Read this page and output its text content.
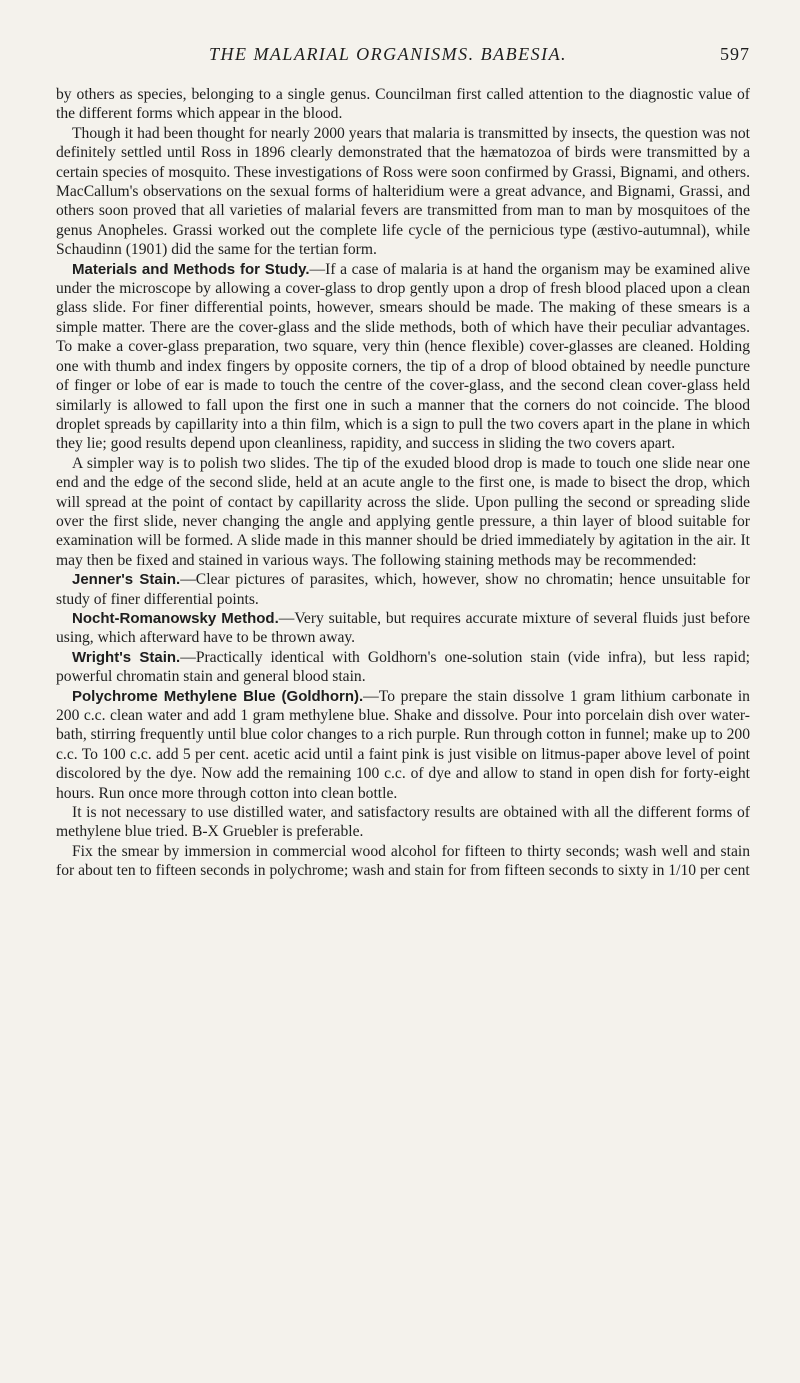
THE MALARIAL ORGANISMS. BABESIA.	597

by others as species, belonging to a single genus. Councilman first called attention to the diagnostic value of the different forms which appear in the blood.

Though it had been thought for nearly 2000 years that malaria is transmitted by insects, the question was not definitely settled until Ross in 1896 clearly demonstrated that the hæmatozoa of birds were transmitted by a certain species of mosquito. These investigations of Ross were soon confirmed by Grassi, Bignami, and others. MacCallum's observations on the sexual forms of halteridium were a great advance, and Bignami, Grassi, and others soon proved that all varieties of malarial fevers are transmitted from man to man by mosquitoes of the genus Anopheles. Grassi worked out the complete life cycle of the pernicious type (æstivo-autumnal), while Schaudinn (1901) did the same for the tertian form.

Materials and Methods for Study.—If a case of malaria is at hand the organism may be examined alive under the microscope by allowing a cover-glass to drop gently upon a drop of fresh blood placed upon a clean glass slide. For finer differential points, however, smears should be made. The making of these smears is a simple matter. There are the cover-glass and the slide methods, both of which have their peculiar advantages. To make a cover-glass preparation, two square, very thin (hence flexible) cover-glasses are cleaned. Holding one with thumb and index fingers by opposite corners, the tip of a drop of blood obtained by needle puncture of finger or lobe of ear is made to touch the centre of the cover-glass, and the second clean cover-glass held similarly is allowed to fall upon the first one in such a manner that the corners do not coincide. The blood droplet spreads by capillarity into a thin film, which is a sign to pull the two covers apart in the plane in which they lie; good results depend upon cleanliness, rapidity, and success in sliding the two covers apart.

A simpler way is to polish two slides. The tip of the exuded blood drop is made to touch one slide near one end and the edge of the second slide, held at an acute angle to the first one, is made to bisect the drop, which will spread at the point of contact by capillarity across the slide. Upon pulling the second or spreading slide over the first slide, never changing the angle and applying gentle pressure, a thin layer of blood suitable for examination will be formed. A slide made in this manner should be dried immediately by agitation in the air. It may then be fixed and stained in various ways. The following staining methods may be recommended:

Jenner's Stain.—Clear pictures of parasites, which, however, show no chromatin; hence unsuitable for study of finer differential points.

Nocht-Romanowsky Method.—Very suitable, but requires accurate mixture of several fluids just before using, which afterward have to be thrown away.

Wright's Stain.—Practically identical with Goldhorn's one-solution stain (vide infra), but less rapid; powerful chromatin stain and general blood stain.

Polychrome Methylene Blue (Goldhorn).—To prepare the stain dissolve 1 gram lithium carbonate in 200 c.c. clean water and add 1 gram methylene blue. Shake and dissolve. Pour into porcelain dish over water-bath, stirring frequently until blue color changes to a rich purple. Run through cotton in funnel; make up to 200 c.c. To 100 c.c. add 5 per cent. acetic acid until a faint pink is just visible on litmus-paper above level of point discolored by the dye. Now add the remaining 100 c.c. of dye and allow to stand in open dish for forty-eight hours. Run once more through cotton into clean bottle.

It is not necessary to use distilled water, and satisfactory results are obtained with all the different forms of methylene blue tried. B-X Gruebler is preferable.

Fix the smear by immersion in commercial wood alcohol for fifteen to thirty seconds; wash well and stain for about ten to fifteen seconds in polychrome; wash and stain for from fifteen seconds to sixty in 1/10 per cent
